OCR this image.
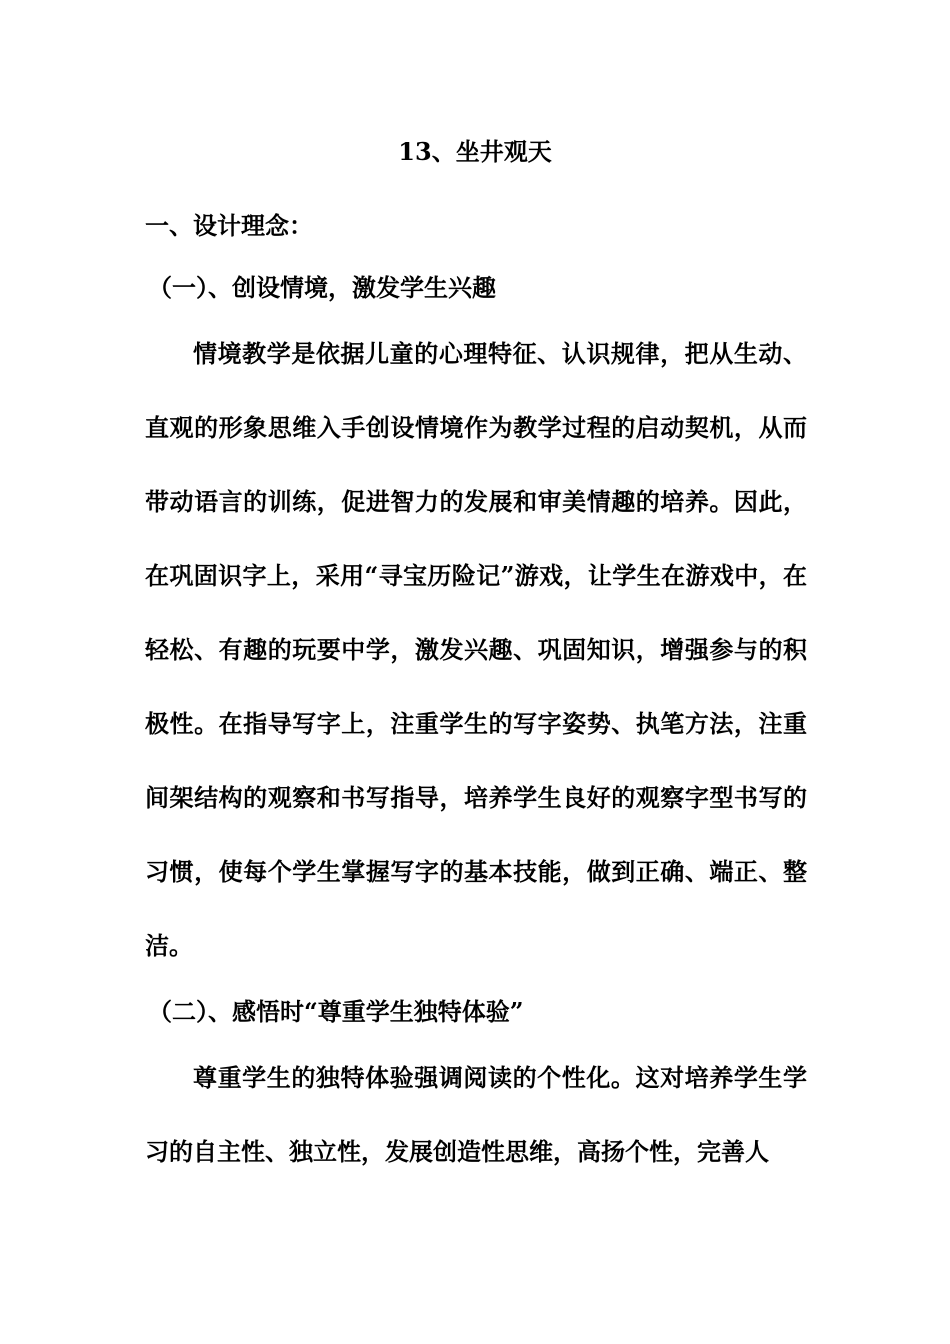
13、坐井观天
一、设计理念：
（一）、创设情境，激发学生兴趣

情境教学是依据儿童的心理特征、认识规律，把从生动、直观的形象思维入手创设情境作为教学过程的启动契机，从而带动语言的训练，促进智力的发展和审美情趣的培养。因此，在巩固识字上，采用“寻宝历险记”游戏，让学生在游戏中，在轻松、有趣的玩要中学，激发兴趣、巩固知识，增强参与的积极性。在指导写字上，注重学生的写字姿势、执笔方法，注重间架结构的观察和书写指导，培养学生良好的观察字型书写的习惯，使每个学生掌握写字的基本技能，做到正确、端正、整洁。

（二）、感悟时“尊重学生独特体验”

尊重学生的独特体验强调阅读的个性化。这对培养学生学习的自主性、独立性，发展创造性思维，高扬个性，完善人
